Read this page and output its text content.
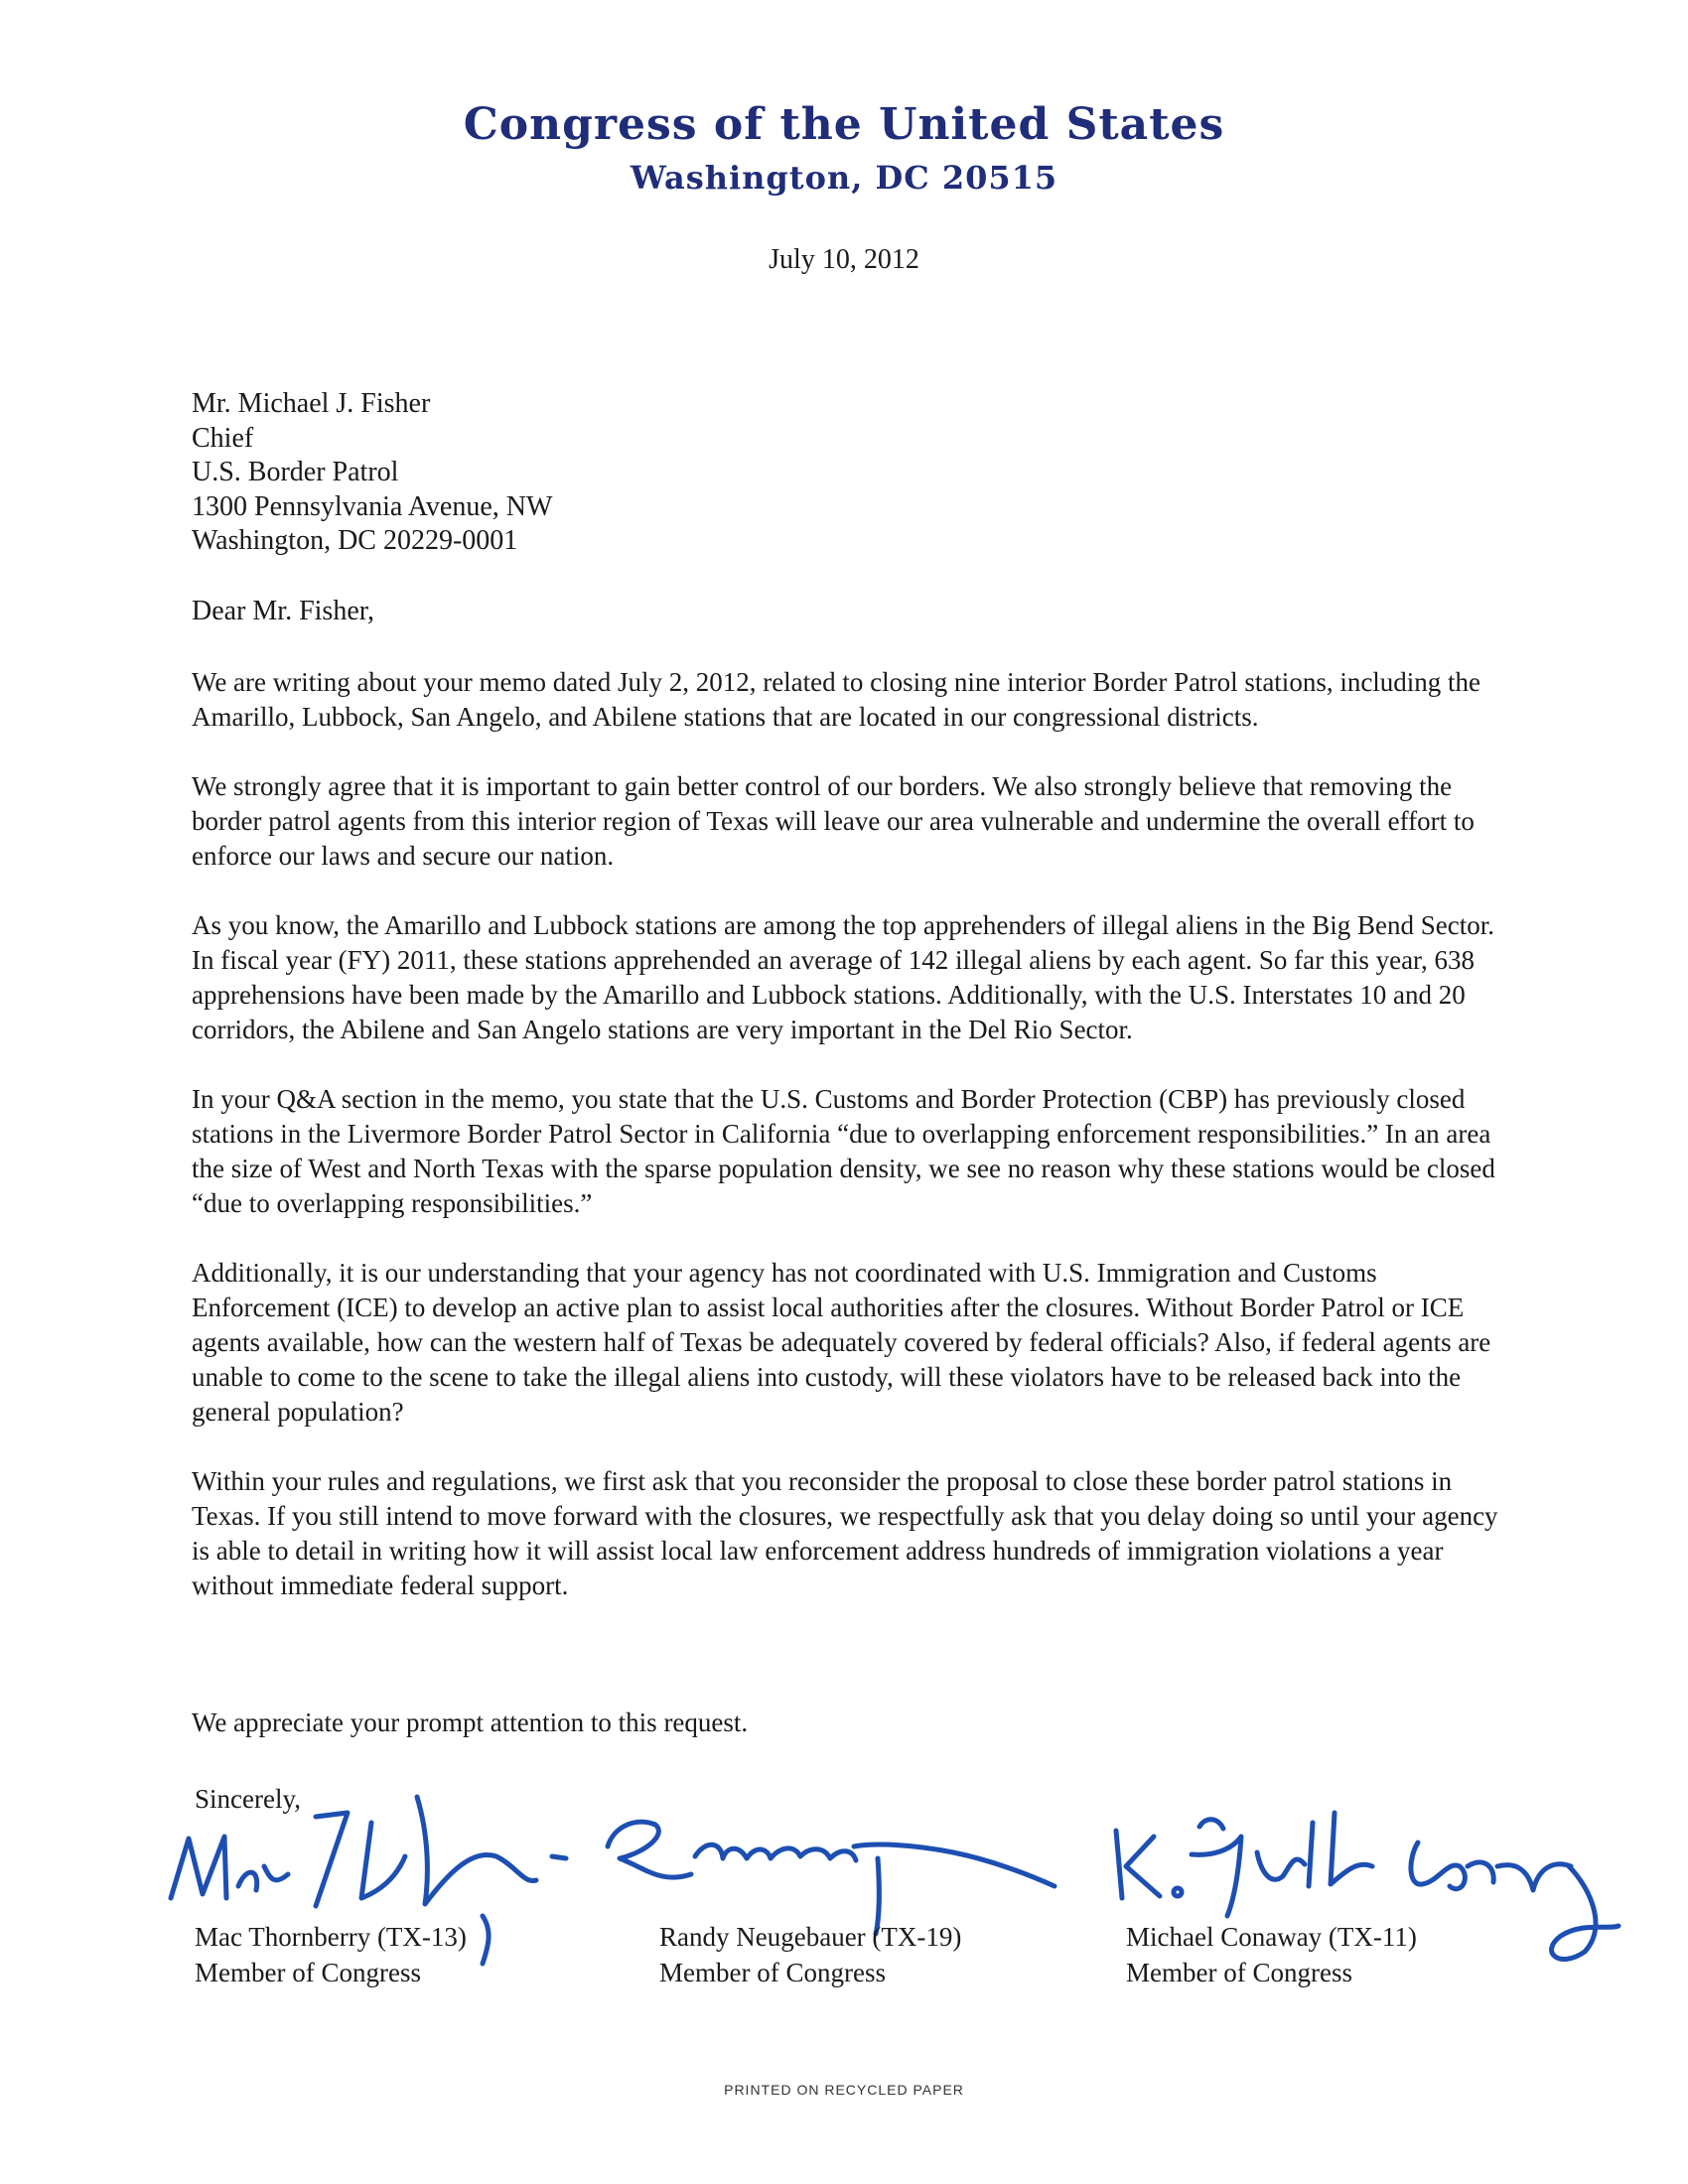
Congress of the United States
Washington, DC 20515
July 10, 2012
Mr. Michael J. Fisher
Chief
U.S. Border Patrol
1300 Pennsylvania Avenue, NW
Washington, DC 20229-0001
Dear Mr. Fisher,

We are writing about your memo dated July 2, 2012, related to closing nine interior Border Patrol stations, including the Amarillo, Lubbock, San Angelo, and Abilene stations that are located in our congressional districts.

We strongly agree that it is important to gain better control of our borders. We also strongly believe that removing the border patrol agents from this interior region of Texas will leave our area vulnerable and undermine the overall effort to enforce our laws and secure our nation.

As you know, the Amarillo and Lubbock stations are among the top apprehenders of illegal aliens in the Big Bend Sector. In fiscal year (FY) 2011, these stations apprehended an average of 142 illegal aliens by each agent. So far this year, 638 apprehensions have been made by the Amarillo and Lubbock stations. Additionally, with the U.S. Interstates 10 and 20 corridors, the Abilene and San Angelo stations are very important in the Del Rio Sector.

In your Q&A section in the memo, you state that the U.S. Customs and Border Protection (CBP) has previously closed stations in the Livermore Border Patrol Sector in California “due to overlapping enforcement responsibilities.” In an area the size of West and North Texas with the sparse population density, we see no reason why these stations would be closed “due to overlapping responsibilities.”

Additionally, it is our understanding that your agency has not coordinated with U.S. Immigration and Customs Enforcement (ICE) to develop an active plan to assist local authorities after the closures. Without Border Patrol or ICE agents available, how can the western half of Texas be adequately covered by federal officials? Also, if federal agents are unable to come to the scene to take the illegal aliens into custody, will these violators have to be released back into the general population?

Within your rules and regulations, we first ask that you reconsider the proposal to close these border patrol stations in Texas. If you still intend to move forward with the closures, we respectfully ask that you delay doing so until your agency is able to detail in writing how it will assist local law enforcement address hundreds of immigration violations a year without immediate federal support.

We appreciate your prompt attention to this request.
Sincerely,
Mac Thornberry (TX-13)
Member of Congress
Randy Neugebauer (TX-19)
Member of Congress
Michael Conaway (TX-11)
Member of Congress
PRINTED ON RECYCLED PAPER
